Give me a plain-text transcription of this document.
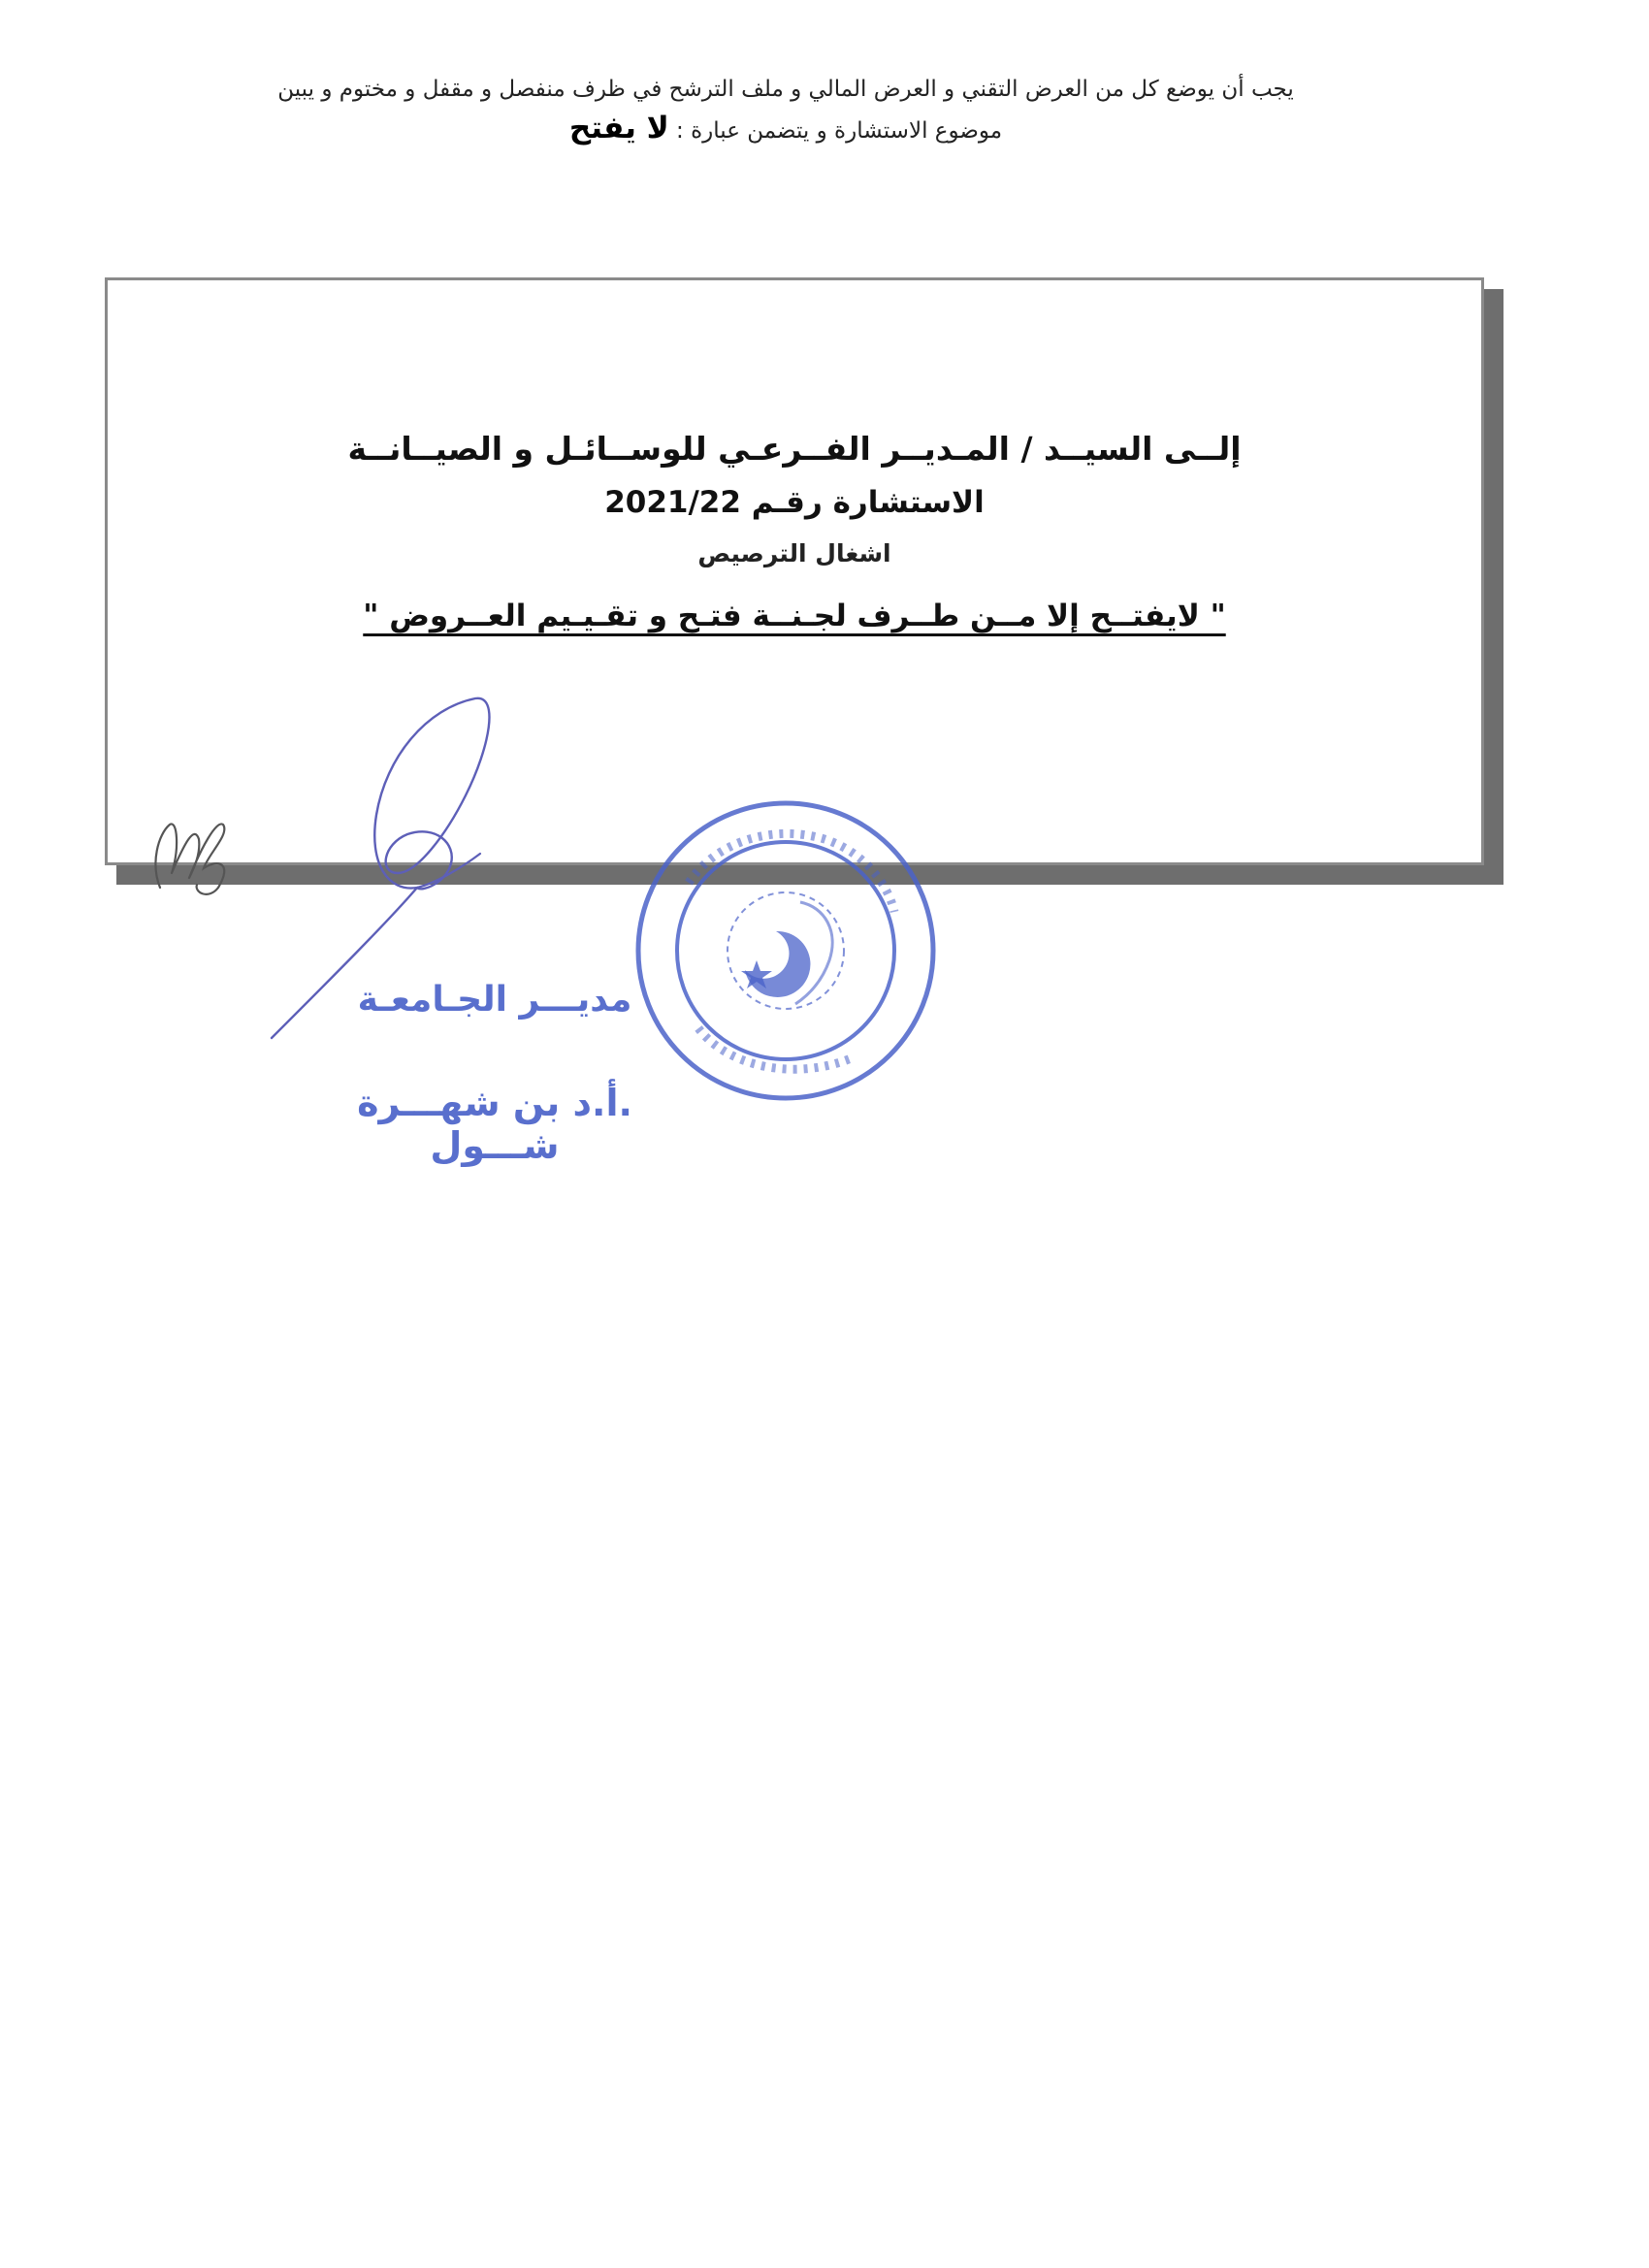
يجب أن يوضع كل من العرض التقني و العرض المالي و ملف الترشح في ظرف منفصل و مقفل و مختوم و يبين
موضوع الاستشارة و يتضمن عبارة : لا يفتح
إلــى السيــد / المـديــر الفــرعـي للوســائـل و الصيــانــة
الاستشارة رقـم 2021/22
اشغال الترصيص
" لايفتــح إلا مــن طــرف لجـنــة فتـح و تقـيـيم العــروض "
مديـــر الجـامعـة
.أ.د بن شهـــرة شـــول
